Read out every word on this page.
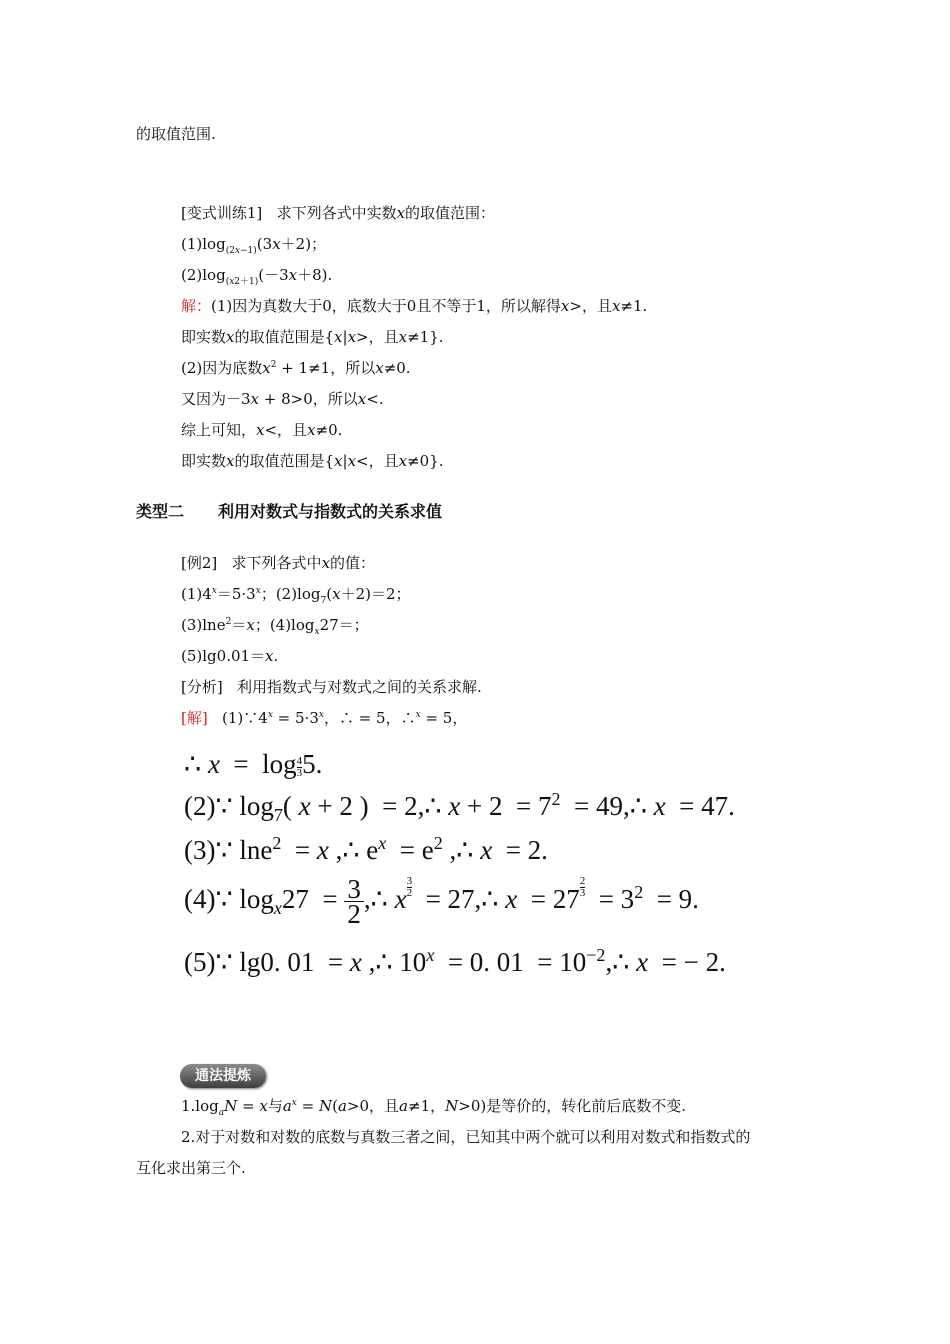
的取值范围.
[变式训练1] 求下列各式中实数x的取值范围：
$(1)\log_{(2x-1)}(3x+2)$；
$(2)\log_{(x2+1)}(-3x+8)$.
解：(1)因为真数大于0，底数大于0且不等于1，所以解得x>，且x≠1.
即实数x的取值范围是{x|x>，且x≠1}.
(2)因为底数$x^2 + 1\ne 1$，所以x≠0.
又因为－3x + 8>0，所以x<.
综上可知，x<，且x≠0.
即实数x的取值范围是{x|x<，且x≠0}.
类型二 利用对数式与指数式的关系求值
[例2]   求下列各式中x的值：
$(1)4^x=5\cdot 3^x$；$(2)\log_7(x+2)=2$；
(3)lne$^2$＝x；$(4)\log_x27=$；
(5)lg0.01＝x.
[分析] 利用指数式与对数式之间的关系求解.
[解]   $(1)\because 4^x = 5\cdot 3^x$，∴ = 5，∴$^x$ = 5，
∴ $x = \log \frac{4}{3} 5$.
(2)∵ $\log_7$( x + 2 )  = 2,∴ $x + 2 = 7^2$  = 49,∴ x  = 47.
(3)∵ lne$^2$  = x ,∴ $e^x = e^2$ ,∴ x  = 2.
(4)∵ $\log_x27 = \frac{3}{2}$ ,∴ x $\frac{3}{2}$ = 27,∴ $x = 27 \frac{2}{3} = 3^2 = 9$.
(5)∵ lg0. 01  = x ,∴ 10$^x$  = 0. $01 = 10^{-2},\therefore$ x  = − 2.
通法提炼
$1.\log_aN = x$与$a^x = N(a>0$，且a≠1，N>0)是等价的，转化前后底数不变.
2.对于对数和对数的底数与真数三者之间，已知其中两个就可以利用对数式和指数式的
互化求出第三个.
